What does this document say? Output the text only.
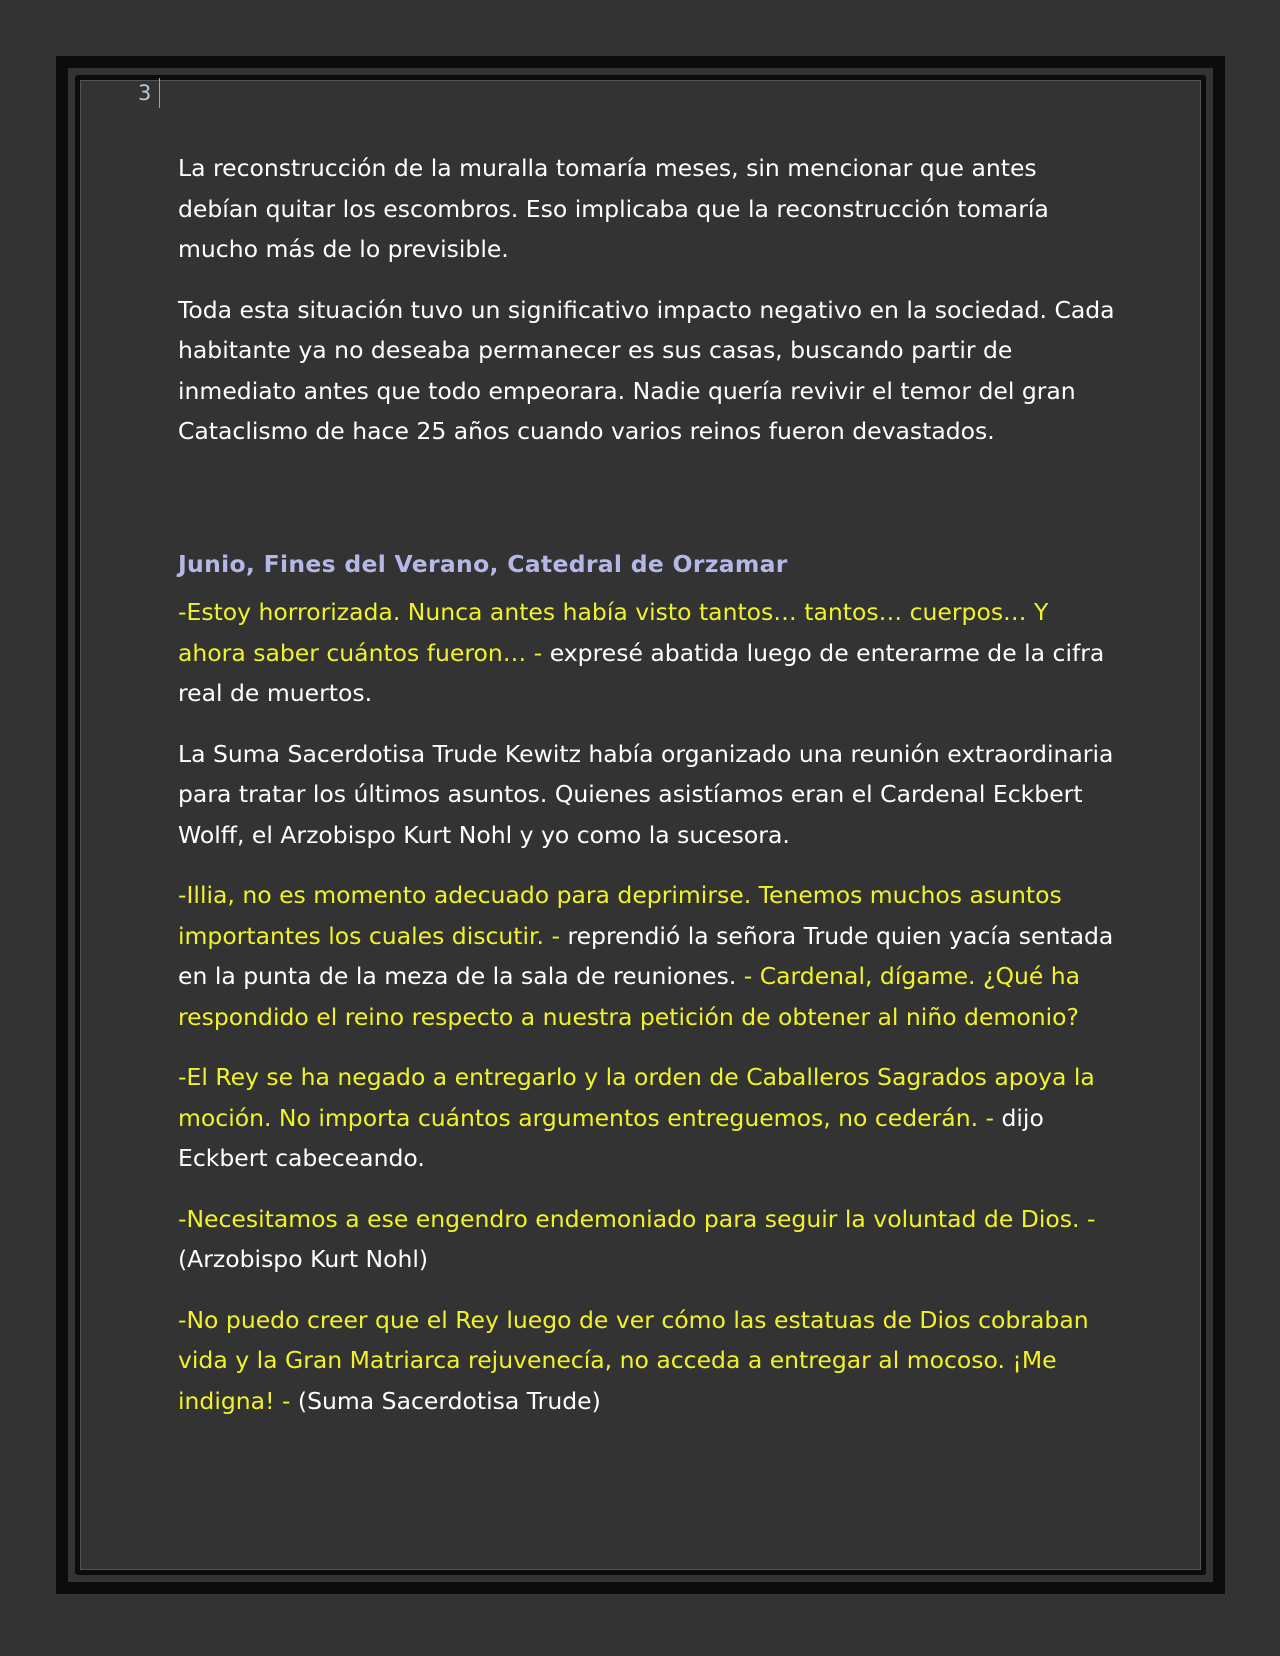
3

La reconstrucción de la muralla tomaría meses, sin mencionar que antes debían quitar los escombros. Eso implicaba que la reconstrucción tomaría mucho más de lo previsible.

Toda esta situación tuvo un significativo impacto negativo en la sociedad. Cada habitante ya no deseaba permanecer es sus casas, buscando partir de inmediato antes que todo empeorara. Nadie quería revivir el temor del gran Cataclismo de hace 25 años cuando varios reinos fueron devastados.

Junio, Fines del Verano, Catedral de Orzamar

-Estoy horrorizada. Nunca antes había visto tantos… tantos… cuerpos… Y ahora saber cuántos fueron… - expresé abatida luego de enterarme de la cifra real de muertos.

La Suma Sacerdotisa Trude Kewitz había organizado una reunión extraordinaria para tratar los últimos asuntos. Quienes asistíamos eran el Cardenal Eckbert Wolff, el Arzobispo Kurt Nohl y yo como la sucesora.

-Illia, no es momento adecuado para deprimirse. Tenemos muchos asuntos importantes los cuales discutir. - reprendió la señora Trude quien yacía sentada en la punta de la meza de la sala de reuniones. - Cardenal, dígame. ¿Qué ha respondido el reino respecto a nuestra petición de obtener al niño demonio?

-El Rey se ha negado a entregarlo y la orden de Caballeros Sagrados apoya la moción. No importa cuántos argumentos entreguemos, no cederán. - dijo Eckbert cabeceando.

-Necesitamos a ese engendro endemoniado para seguir la voluntad de Dios. - (Arzobispo Kurt Nohl)

-No puedo creer que el Rey luego de ver cómo las estatuas de Dios cobraban vida y la Gran Matriarca rejuvenecía, no acceda a entregar al mocoso. ¡Me indigna! - (Suma Sacerdotisa Trude)
